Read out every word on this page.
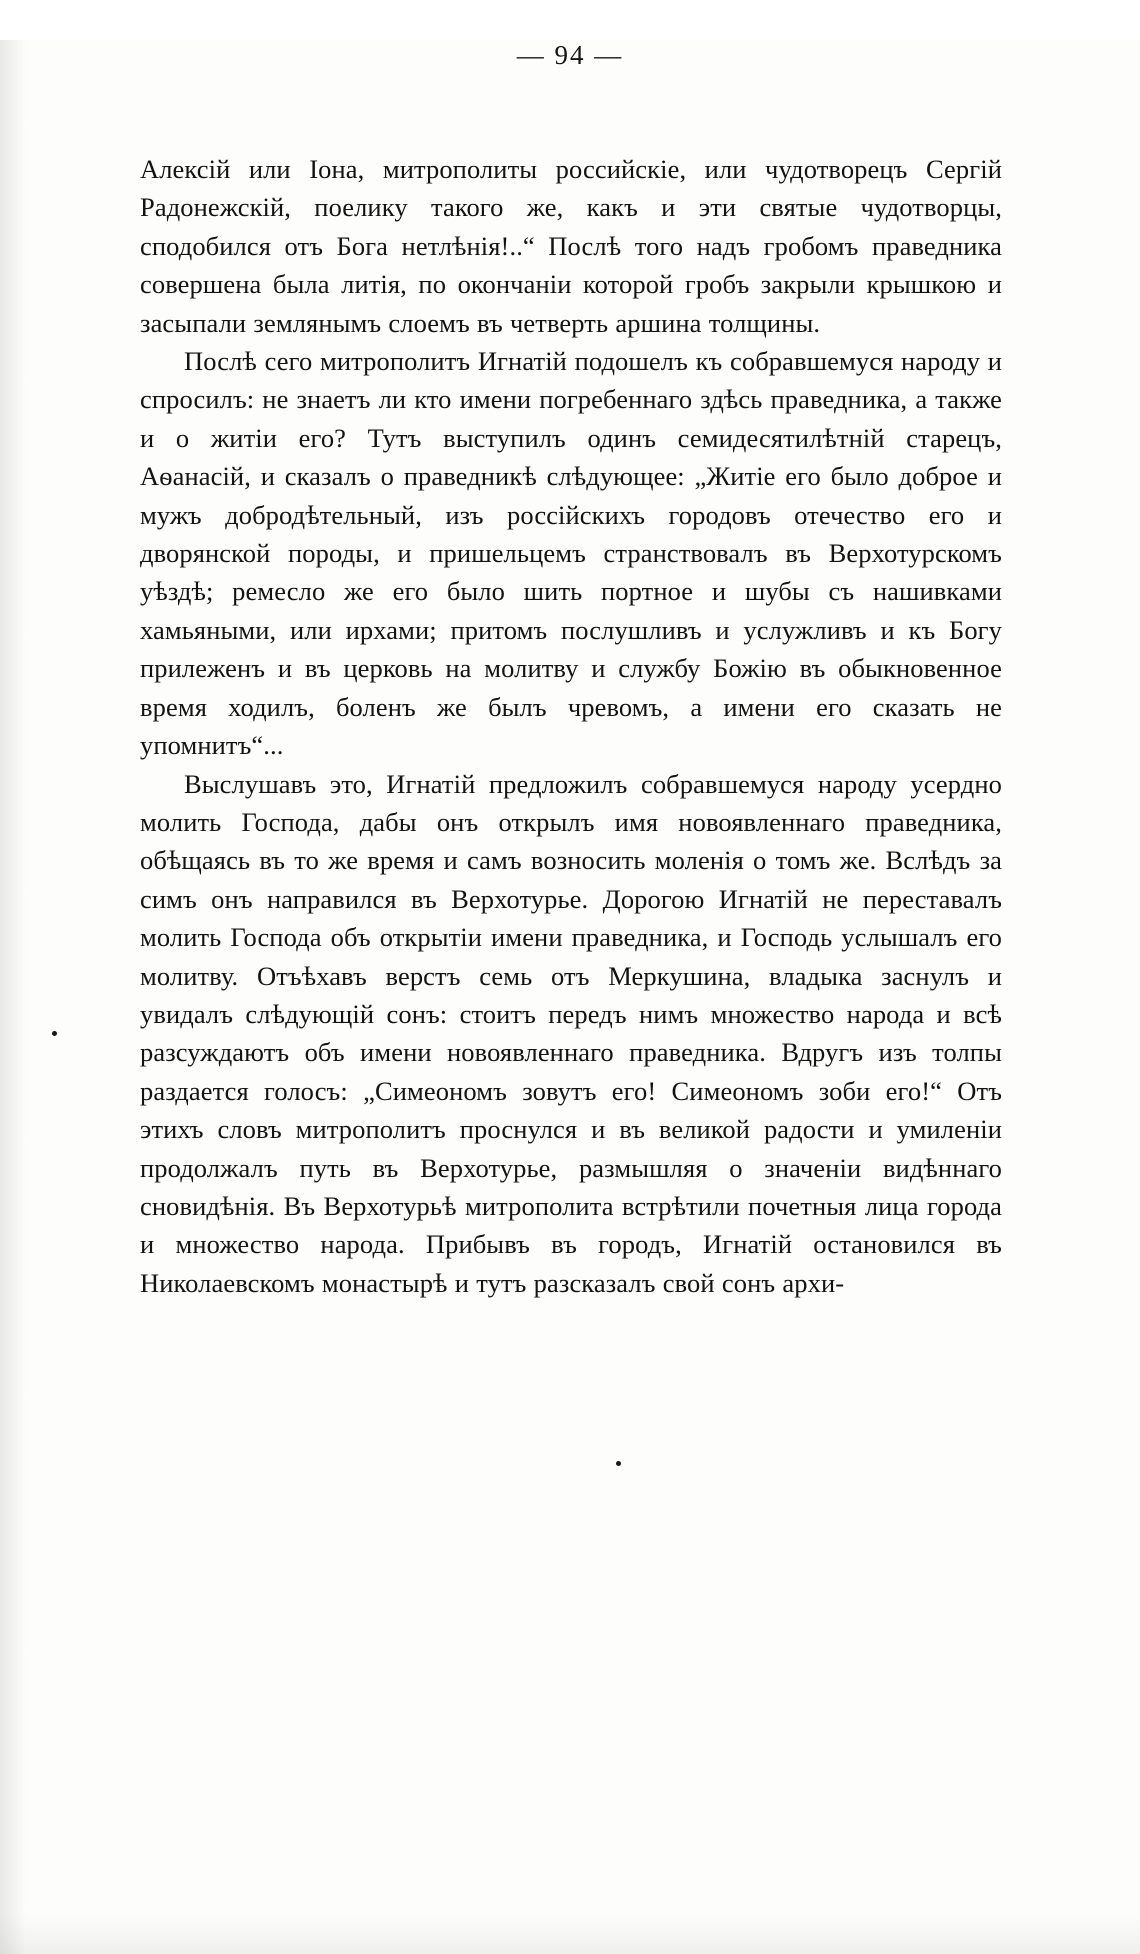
— 94 —

Алексій или Іона, митрополиты российскіе, или чудотворецъ Сергій Радонежскій, поелику такого же, какъ и эти святые чудотворцы, сподобился отъ Бога нетлѣнія!..“ Послѣ того надъ гробомъ праведника совершена была литія, по окончаніи которой гробъ закрыли крышкою и засыпали землянымъ слоемъ въ четверть аршина толщины.

Послѣ сего митрополитъ Игнатій подошелъ къ собравшемуся народу и спросилъ: не знаетъ ли кто имени погребеннаго здѣсь праведника, а также и о житіи его? Тутъ выступилъ одинъ семидесятилѣтній старецъ, Аѳанасій, и сказалъ о праведникѣ слѣдующее: „Житіе его было доброе и мужъ добродѣтельный, изъ россійскихъ городовъ отечество его и дворянской породы, и пришельцемъ странствовалъ въ Верхотурскомъ уѣздѣ; ремесло же его было шить портное и шубы съ нашивками хамьяными, или ирхами; притомъ послушливъ и услужливъ и къ Богу прилеженъ и въ церковь на молитву и службу Божію въ обыкновенное время ходилъ, боленъ же былъ чревомъ, а имени его сказать не упомнитъ“...

Выслушавъ это, Игнатій предложилъ собравшемуся народу усердно молить Господа, дабы онъ открылъ имя новоявленнаго праведника, обѣщаясь въ то же время и самъ возносить моленія о томъ же. Вслѣдъ за симъ онъ направился въ Верхотурье. Дорогою Игнатій не переставалъ молить Господа объ открытіи имени праведника, и Господь услышалъ его молитву. Отъѣхавъ верстъ семь отъ Меркушина, владыка заснулъ и увидалъ слѣдующій сонъ: стоитъ передъ нимъ множество народа и всѣ разсуждаютъ объ имени новоявленнаго праведника. Вдругъ изъ толпы раздается голосъ: „Симеономъ зовутъ его! Симеономъ зоби его!“ Отъ этихъ словъ митрополитъ проснулся и въ великой радости и умиленіи продолжалъ путь въ Верхотурье, размышляя о значеніи видѣннаго сновидѣнія. Въ Верхотурьѣ митрополита встрѣтили почетныя лица города и множество народа. Прибывъ въ городъ, Игнатій остановился въ Николаевскомъ монастырѣ и тутъ разсказалъ свой сонъ архи-
